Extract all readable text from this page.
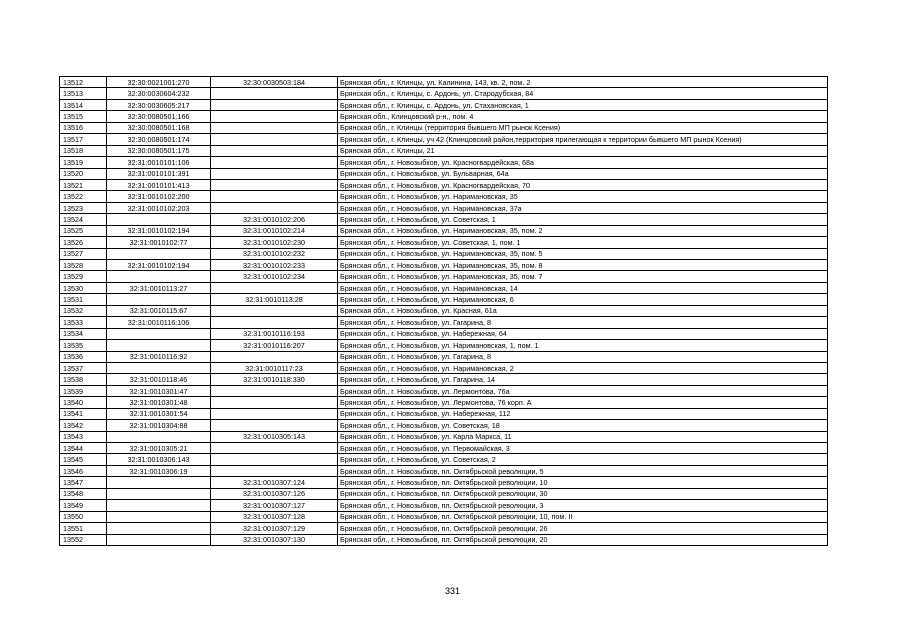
13512	32:30:0021001:270	32:30:0030503:184	Брянская обл., г. Клинцы, ул. Калинина, 143, кв. 2, пом. 2
13513	32:30:0030604:232		Брянская обл., г. Клинцы, с. Ардонь, ул. Стародубская, 84
13514	32:30:0030605:217		Брянская обл., г. Клинцы, с. Ардонь, ул. Стахановская, 1
13515	32:30:0080501:166		Брянская обл., Клинцовский р-н,, пом. 4
13516	32:30:0080501:168		Брянская обл., г. Клинцы (территория бывшего МП рынок Ксения)
13517	32:30:0080501:174		Брянская обл., г. Клинцы, уч 42 (Клинцовский район,территория прилегающая к территории бывшего МП рынок Ксения)
13518	32:30:0080501:175		Брянская обл., г. Клинцы, 21
13519	32:31:0010101:106		Брянская обл., г. Новозыбков, ул. Красногвардейская, 68а
13520	32:31:0010101:391		Брянская обл., г. Новозыбков, ул. Бульварная, 64а
13521	32:31:0010101:413		Брянская обл., г. Новозыбков, ул. Красногвардейская, 70
13522	32:31:0010102:200		Брянская обл., г. Новозыбков, ул. Наримановская, 35
13523	32:31:0010102:203		Брянская обл., г. Новозыбков, ул. Наримановская, 37а
13524		32:31:0010102:206	Брянская обл., г. Новозыбков, ул. Советская, 1
13525	32:31:0010102:194	32:31:0010102:214	Брянская обл., г. Новозыбков, ул. Наримановская, 35, пом. 2
13526	32:31:0010102:77	32:31:0010102:230	Брянская обл., г. Новозыбков, ул. Советская, 1, пом. 1
13527		32:31:0010102:232	Брянская обл., г. Новозыбков, ул. Наримановская, 35, пом. 5
13528	32:31:0010102:194	32:31:0010102:233	Брянская обл., г. Новозыбков, ул. Наримановская, 35, пом. 8
13529		32:31:0010102:234	Брянская обл., г. Новозыбков, ул. Наримановская, 35, пом. 7
13530	32:31:0010113:27		Брянская обл., г. Новозыбков, ул. Наримановская, 14
13531		32:31:0010113:28	Брянская обл., г. Новозыбков, ул. Наримановская, 6
13532	32:31:0010115:67		Брянская обл., г. Новозыбков, ул. Красная, 61а
13533	32:31:0010116:106		Брянская обл., г. Новозыбков, ул. Гагарина, 8
13534		32:31:0010116:193	Брянская обл., г. Новозыбков, ул. Набережная, 64
13535		32:31:0010116:207	Брянская обл., г. Новозыбков, ул. Наримановская, 1, пом. 1
13536	32:31:0010116:92		Брянская обл., г. Новозыбков, ул. Гагарина, 8
13537		32:31:0010117:23	Брянская обл., г. Новозыбков, ул. Наримановская, 2
13538	32:31:0010118:46	32:31:0010118:330	Брянская обл., г. Новозыбков, ул. Гагарина, 14
13539	32:31:0010301:47		Брянская обл., г. Новозыбков, ул. Лермонтова, 76а
13540	32:31:0010301:48		Брянская обл., г. Новозыбков, ул. Лермонтова, 76 корп. А
13541	32:31:0010301:54		Брянская обл., г. Новозыбков, ул. Набережная, 112
13542	32:31:0010304:88		Брянская обл., г. Новозыбков, ул. Советская, 18
13543		32:31:0010305:143	Брянская обл., г. Новозыбков, ул. Карла Маркса, 11
13544	32:31:0010305:21		Брянская обл., г. Новозыбков, ул. Первомайская, 3
13545	32:31:0010306:143		Брянская обл., г. Новозыбков, ул. Советская, 2
13546	32:31:0010306:19		Брянская обл., г. Новозыбков, пл. Октябрьской революции, 5
13547		32:31:0010307:124	Брянская обл., г. Новозыбков, пл. Октябрьской революции, 10
13548		32:31:0010307:126	Брянская обл., г. Новозыбков, пл. Октябрьской революции, 30
13549		32:31:0010307:127	Брянская обл., г. Новозыбков, пл. Октябрьской революции, 3
13550		32:31:0010307:128	Брянская обл., г. Новозыбков, пл. Октябрьской революции, 10, пом. II
13551		32:31:0010307:129	Брянская обл., г. Новозыбков, пл. Октябрьской революции, 26
13552		32:31:0010307:130	Брянская обл., г. Новозыбков, пл. Октябрьской революции, 20
331
